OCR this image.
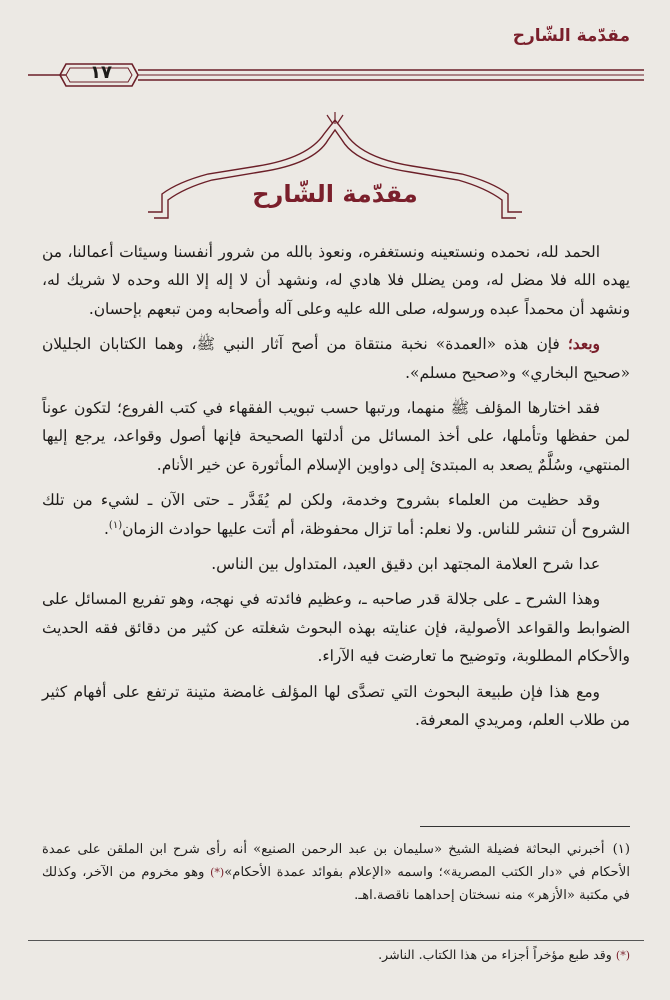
مقدّمة الشّارح
١٧
مقدّمة الشّارح

الحمد لله، نحمده ونستعينه ونستغفره، ونعوذ بالله من شرور أنفسنا وسيئات أعمالنا، من يهده الله فلا مضل له، ومن يضلل فلا هادي له، ونشهد أن لا إله إلا الله وحده لا شريك له، ونشهد أن محمداً عبده ورسوله، صلى الله عليه وعلى آله وأصحابه ومن تبعهم بإحسان.

وبعد؛ فإن هذه «العمدة» نخبة منتقاة من أصح آثار النبي ﷺ، وهما الكتابان الجليلان «صحيح البخاري» و«صحيح مسلم».

فقد اختارها المؤلف ﷺ منهما، ورتبها حسب تبويب الفقهاء في كتب الفروع؛ لتكون عوناً لمن حفظها وتأملها، على أخذ المسائل من أدلتها الصحيحة فإنها أصول وقواعد، يرجع إليها المنتهي، وسُلَّمٌ يصعد به المبتدئ إلى دواوين الإسلام المأثورة عن خير الأنام.

وقد حظيت من العلماء بشروح وخدمة، ولكن لم يُقَدَّر ـ حتى الآن ـ لشيء من تلك الشروح أن تنشر للناس. ولا نعلم: أما تزال محفوظة، أم أتت عليها حوادث الزمان$^{(١)}$.

عدا شرح العلامة المجتهد ابن دقيق العيد، المتداول بين الناس.

وهذا الشرح ـ على جلالة قدر صاحبه ـ، وعظيم فائدته في نهجه، وهو تفريع المسائل على الضوابط والقواعد الأصولية، فإن عنايته بهذه البحوث شغلته عن كثير من دقائق فقه الحديث والأحكام المطلوبة، وتوضيح ما تعارضت فيه الآراء.

ومع هذا فإن طبيعة البحوث التي تصدَّى لها المؤلف غامضة متينة ترتفع على أفهام كثير من طلاب العلم، ومريدي المعرفة.

(١)أخبرني البحاثة فضيلة الشيخ «سليمان بن عبد الرحمن الصنيع» أنه رأى شرح ابن الملقن على عمدة الأحكام في «دار الكتب المصرية»؛ واسمه «الإعلام بفوائد عمدة الأحكام»(*) وهو مخروم من الآخر، وكذلك في مكتبة «الأزهر» منه نسختان إحداهما ناقصة.اهـ.

(*) وقد طبع مؤخراً أجزاء من هذا الكتاب. الناشر.
